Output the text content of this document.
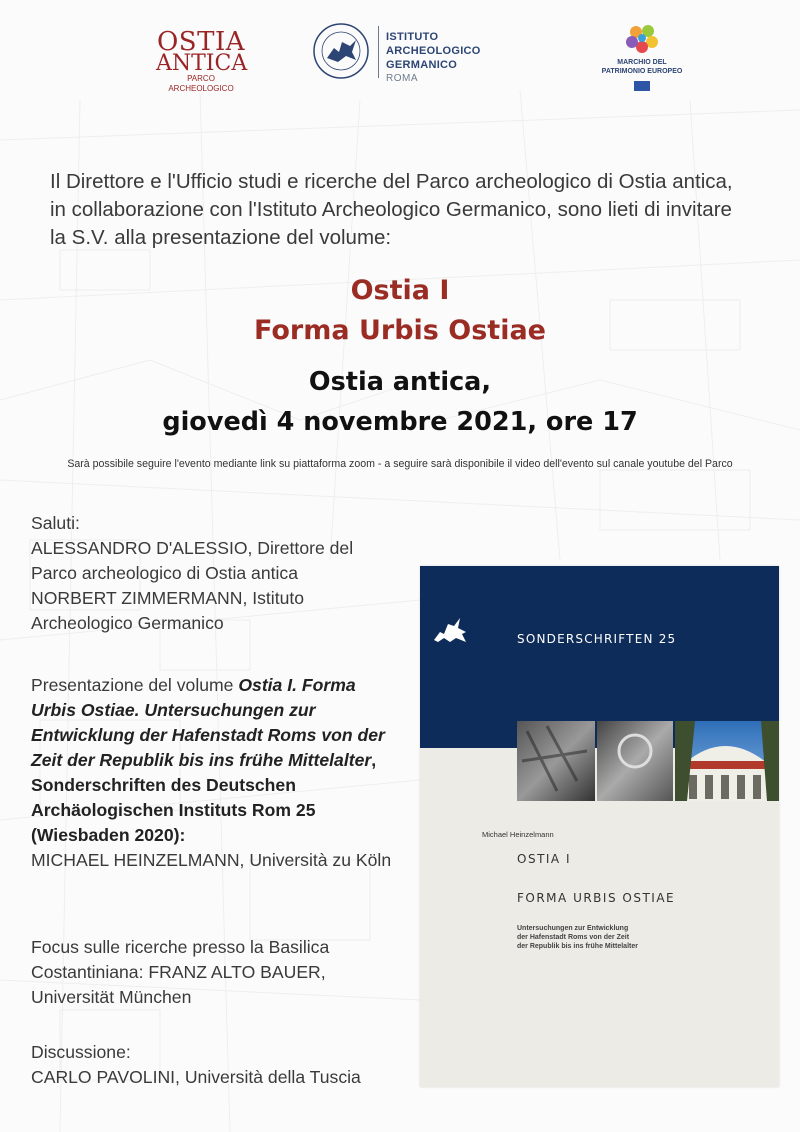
OSTIA
ANTICA
PARCO ARCHEOLOGICO
ISTITUTO
ARCHEOLOGICO GERMANICO
ROMA
MARCHIO DEL
PATRIMONIO EUROPEO
Il Direttore e l'Ufficio studi e ricerche del Parco archeologico di Ostia antica,
in collaborazione con l'Istituto Archeologico Germanico, sono lieti di invitare
la S.V. alla presentazione del volume:
Ostia I
Forma Urbis Ostiae
Ostia antica,
giovedì 4 novembre 2021, ore 17
Sarà possibile seguire l'evento mediante link su piattaforma zoom - a seguire sarà disponibile il video dell'evento sul canale youtube del Parco
Saluti:
ALESSANDRO D'ALESSIO, Direttore del Parco archeologico di Ostia antica
NORBERT ZIMMERMANN, Istituto Archeologico Germanico
Presentazione del volume Ostia I. Forma Urbis Ostiae. Untersuchungen zur Entwicklung der Hafenstadt Roms von der Zeit der Republik bis ins frühe Mittelalter, Sonderschriften des Deutschen Archäologischen Instituts Rom 25 (Wiesbaden 2020):
MICHAEL HEINZELMANN, Università zu Köln
Focus sulle ricerche presso la Basilica Costantiniana: FRANZ ALTO BAUER, Universität München
Discussione:
CARLO PAVOLINI, Università della Tuscia
SONDERSCHRIFTEN 25
Michael Heinzelmann
OSTIA I
FORMA URBIS OSTIAE
Untersuchungen zur Entwicklung
der Hafenstadt Roms von der Zeit
der Republik bis ins frühe Mittelalter
